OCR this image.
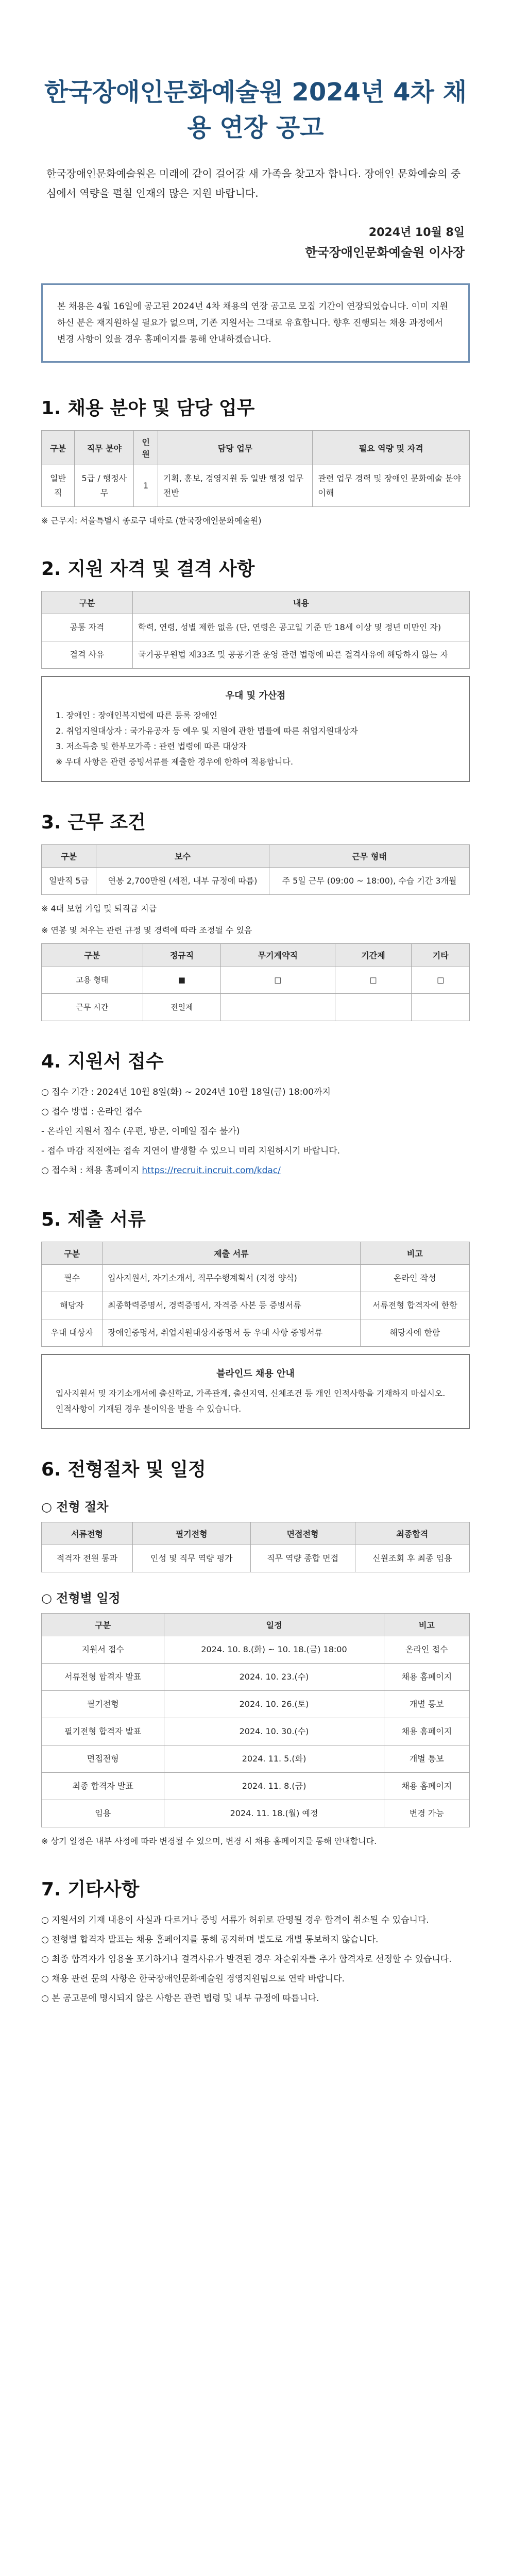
한국장애인문화예술원 2024년 4차 채용 연장 공고

한국장애인문화예술원은 미래에 같이 걸어갈 새 가족을 찾고자 합니다. 장애인 문화예술의 중심에서 역량을 펼칠 인재의 많은 지원 바랍니다.

2024년 10월 8일
한국장애인문화예술원 이사장
본 채용은 4월 16일에 공고된 2024년 4차 채용의 연장 공고로 모집 기간이 연장되었습니다. 이미 지원하신 분은 재지원하실 필요가 없으며, 기존 지원서는 그대로 유효합니다. 향후 진행되는 채용 과정에서 변경 사항이 있을 경우 홈페이지를 통해 안내하겠습니다.
1. 채용 분야 및 담당 업무
구분	직무 분야	인원	담당 업무	필요 역량 및 자격
일반직	5급 / 행정사무	1	기획, 홍보, 경영지원 등 일반 행정 업무 전반	관련 업무 경력 및 장애인 문화예술 분야 이해

※ 근무지: 서울특별시 종로구 대학로 (한국장애인문화예술원)

2. 지원 자격 및 결격 사항
구분	내용
공통 자격	학력, 연령, 성별 제한 없음 (단, 연령은 공고일 기준 만 18세 이상 및 정년 미만인 자)
결격 사유	국가공무원법 제33조 및 공공기관 운영 관련 법령에 따른 결격사유에 해당하지 않는 자
우대 및 가산점
1. 장애인 : 장애인복지법에 따른 등록 장애인
2. 취업지원대상자 : 국가유공자 등 예우 및 지원에 관한 법률에 따른 취업지원대상자
3. 저소득층 및 한부모가족 : 관련 법령에 따른 대상자
※ 우대 사항은 관련 증빙서류를 제출한 경우에 한하여 적용합니다.
3. 근무 조건
구분	보수	근무 형태
일반직 5급	연봉 2,700만원 (세전, 내부 규정에 따름)	주 5일 근무 (09:00 ~ 18:00), 수습 기간 3개월

※ 4대 보험 가입 및 퇴직금 지급

※ 연봉 및 처우는 관련 규정 및 경력에 따라 조정될 수 있음

구분	정규직	무기계약직	기간제	기타
고용 형태	■	□	□	□
근무 시간	전일제			
4. 지원서 접수
○ 접수 기간 : 2024년 10월 8일(화) ~ 2024년 10월 18일(금) 18:00까지
○ 접수 방법 : 온라인 접수
- 온라인 지원서 접수 (우편, 방문, 이메일 접수 불가)
- 접수 마감 직전에는 접속 지연이 발생할 수 있으니 미리 지원하시기 바랍니다.
○ 접수처 : 채용 홈페이지 https://recruit.incruit.com/kdac/
5. 제출 서류
구분	제출 서류	비고
필수	입사지원서, 자기소개서, 직무수행계획서 (지정 양식)	온라인 작성
해당자	최종학력증명서, 경력증명서, 자격증 사본 등 증빙서류	서류전형 합격자에 한함
우대 대상자	장애인증명서, 취업지원대상자증명서 등 우대 사항 증빙서류	해당자에 한함
블라인드 채용 안내
입사지원서 및 자기소개서에 출신학교, 가족관계, 출신지역, 신체조건 등 개인 인적사항을 기재하지 마십시오.
인적사항이 기재된 경우 불이익을 받을 수 있습니다.
6. 전형절차 및 일정
○ 전형 절차
서류전형	필기전형	면접전형	최종합격
적격자 전원 통과	인성 및 직무 역량 평가	직무 역량 종합 면접	신원조회 후 최종 임용
○ 전형별 일정
구분	일정	비고
지원서 접수	2024. 10. 8.(화) ~ 10. 18.(금) 18:00	온라인 접수
서류전형 합격자 발표	2024. 10. 23.(수)	채용 홈페이지
필기전형	2024. 10. 26.(토)	개별 통보
필기전형 합격자 발표	2024. 10. 30.(수)	채용 홈페이지
면접전형	2024. 11. 5.(화)	개별 통보
최종 합격자 발표	2024. 11. 8.(금)	채용 홈페이지
임용	2024. 11. 18.(월) 예정	변경 가능

※ 상기 일정은 내부 사정에 따라 변경될 수 있으며, 변경 시 채용 홈페이지를 통해 안내합니다.

7. 기타사항
○ 지원서의 기재 내용이 사실과 다르거나 증빙 서류가 허위로 판명될 경우 합격이 취소될 수 있습니다.
○ 전형별 합격자 발표는 채용 홈페이지를 통해 공지하며 별도로 개별 통보하지 않습니다.
○ 최종 합격자가 임용을 포기하거나 결격사유가 발견된 경우 차순위자를 추가 합격자로 선정할 수 있습니다.
○ 채용 관련 문의 사항은 한국장애인문화예술원 경영지원팀으로 연락 바랍니다.
○ 본 공고문에 명시되지 않은 사항은 관련 법령 및 내부 규정에 따릅니다.
